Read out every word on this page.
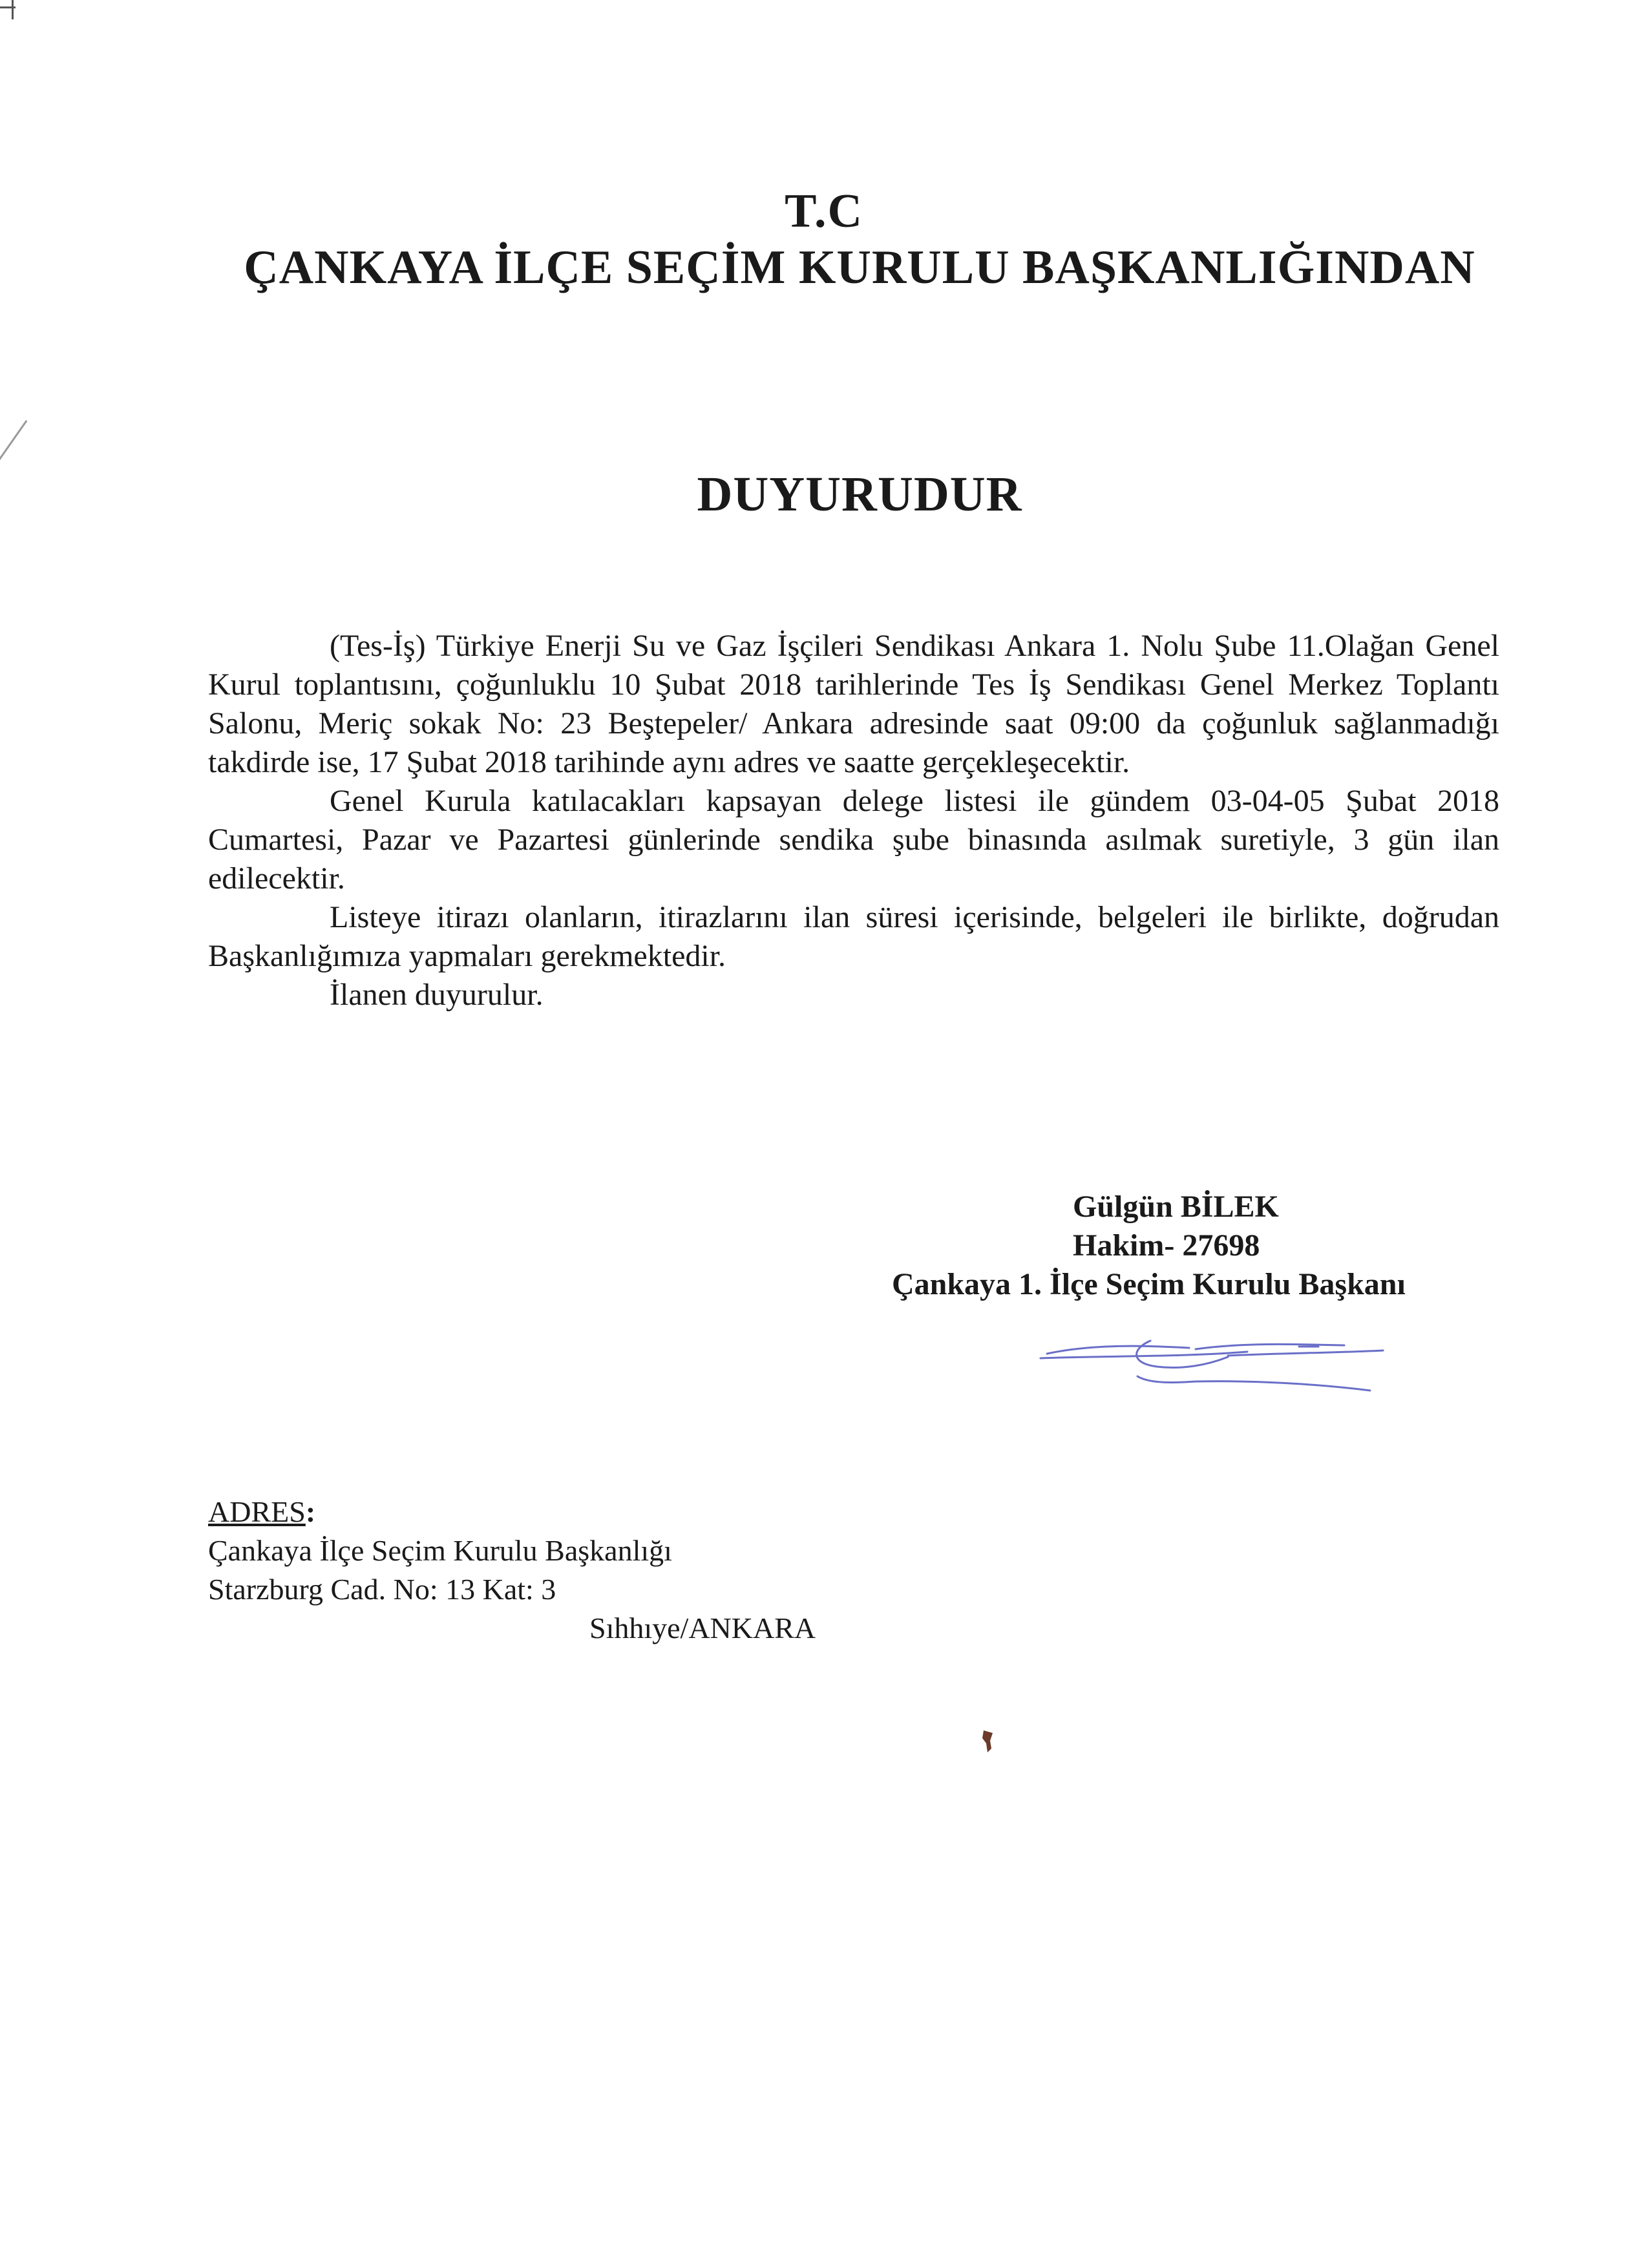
T.C
ÇANKAYA İLÇE SEÇİM KURULU BAŞKANLIĞINDAN
DUYURUDUR

(Tes-İş) Türkiye Enerji Su ve Gaz İşçileri Sendikası Ankara 1. Nolu Şube 11.Olağan Genel Kurul toplantısını, çoğunluklu 10 Şubat 2018 tarihlerinde Tes İş Sendikası Genel Merkez Toplantı Salonu, Meriç sokak No: 23 Beştepeler/ Ankara adresinde saat 09:00 da çoğunluk sağlanmadığı takdirde ise, 17 Şubat 2018 tarihinde aynı adres ve saatte gerçekleşecektir.

Genel Kurula katılacakları kapsayan delege listesi ile gündem 03-04-05 Şubat 2018 Cumartesi, Pazar ve Pazartesi günlerinde sendika şube binasında asılmak suretiyle, 3 gün ilan edilecektir.

Listeye itirazı olanların, itirazlarını ilan süresi içerisinde, belgeleri ile birlikte, doğrudan Başkanlığımıza yapmaları gerekmektedir.

İlanen duyurulur.

Gülgün BİLEK
Hakim- 27698
Çankaya 1. İlçe Seçim Kurulu Başkanı
ADRES:
Çankaya İlçe Seçim Kurulu Başkanlığı
Starzburg Cad. No: 13 Kat: 3
Sıhhıye/ANKARA
